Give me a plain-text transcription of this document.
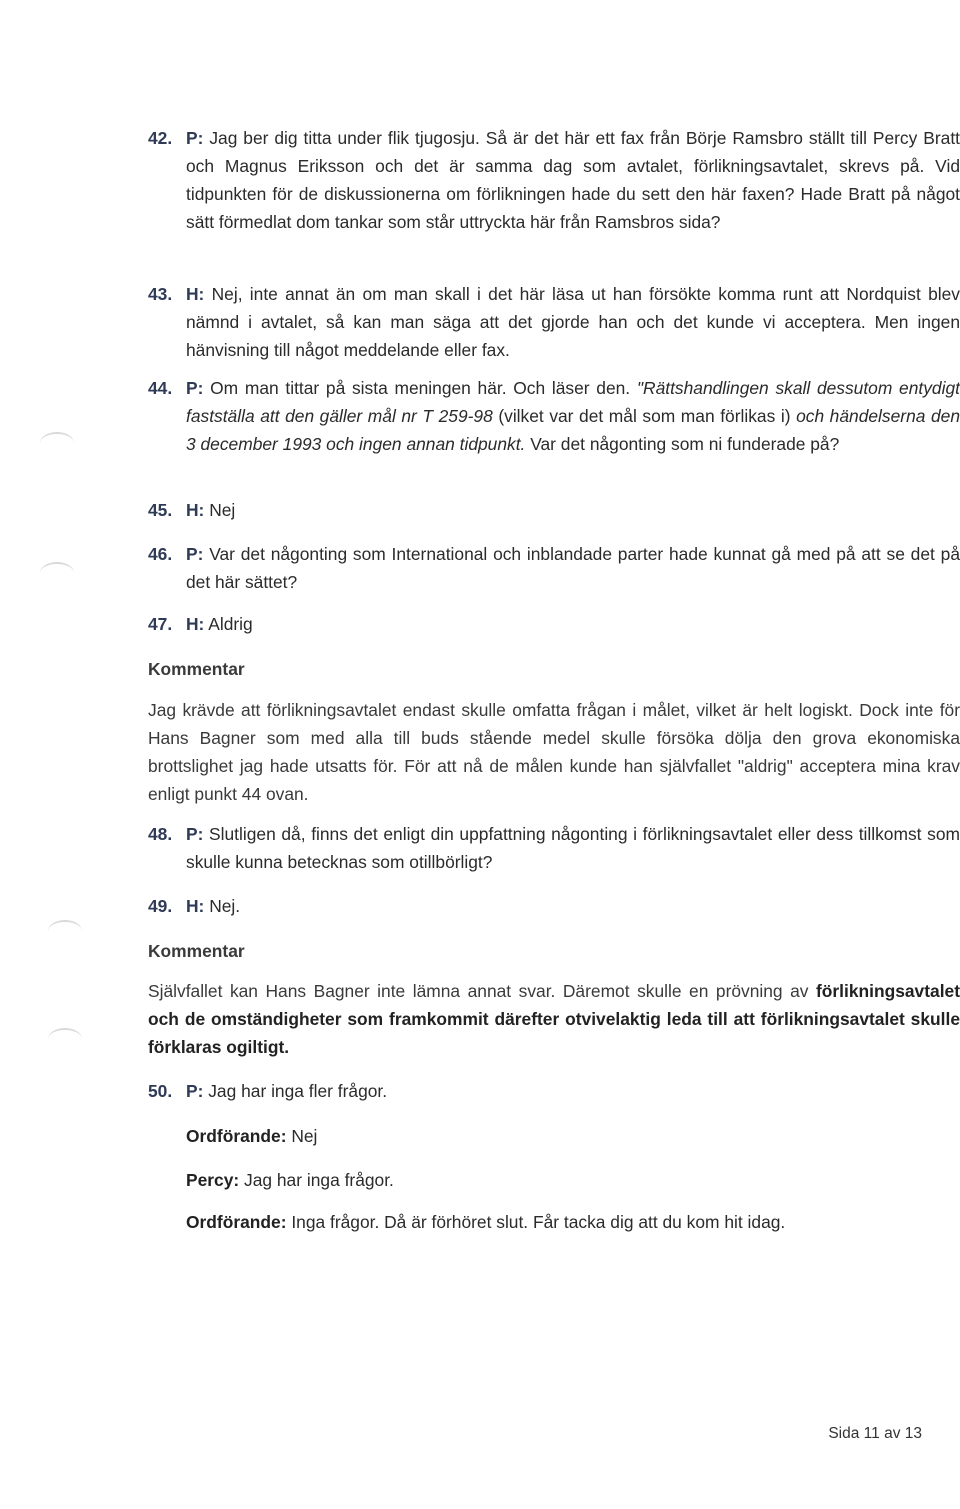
42. P: Jag ber dig titta under flik tjugosju. Så är det här ett fax från Börje Ramsbro ställt till Percy Bratt och Magnus Eriksson och det är samma dag som avtalet, förlikningsavtalet, skrevs på. Vid tidpunkten för de diskussionerna om förlikningen hade du sett den här faxen? Hade Bratt på något sätt förmedlat dom tankar som står uttryckta här från Ramsbros sida?
43. H: Nej, inte annat än om man skall i det här läsa ut han försökte komma runt att Nordquist blev nämnd i avtalet, så kan man säga att det gjorde han och det kunde vi acceptera. Men ingen hänvisning till något meddelande eller fax.
44. P: Om man tittar på sista meningen här. Och läser den. "Rättshandlingen skall dessutom entydigt fastställa att den gäller mål nr T 259-98 (vilket var det mål som man förlikas i) och händelserna den 3 december 1993 och ingen annan tidpunkt. Var det någonting som ni funderade på?
45. H: Nej
46. P: Var det någonting som International och inblandade parter hade kunnat gå med på att se det på det här sättet?
47. H: Aldrig
Kommentar
Jag krävde att förlikningsavtalet endast skulle omfatta frågan i målet, vilket är helt logiskt. Dock inte för Hans Bagner som med alla till buds stående medel skulle försöka dölja den grova ekonomiska brottslighet jag hade utsatts för. För att nå de målen kunde han självfallet "aldrig" acceptera mina krav enligt punkt 44 ovan.
48. P: Slutligen då, finns det enligt din uppfattning någonting i förlikningsavtalet eller dess tillkomst som skulle kunna betecknas som otillbörligt?
49. H: Nej.
Kommentar
Självfallet kan Hans Bagner inte lämna annat svar. Däremot skulle en prövning av förlikningsavtalet och de omständigheter som framkommit därefter otvivelaktig leda till att förlikningsavtalet skulle förklaras ogiltigt.
50. P: Jag har inga fler frågor.
Ordförande: Nej
Percy: Jag har inga frågor.
Ordförande: Inga frågor. Då är förhöret slut. Får tacka dig att du kom hit idag.
Sida 11 av 13
